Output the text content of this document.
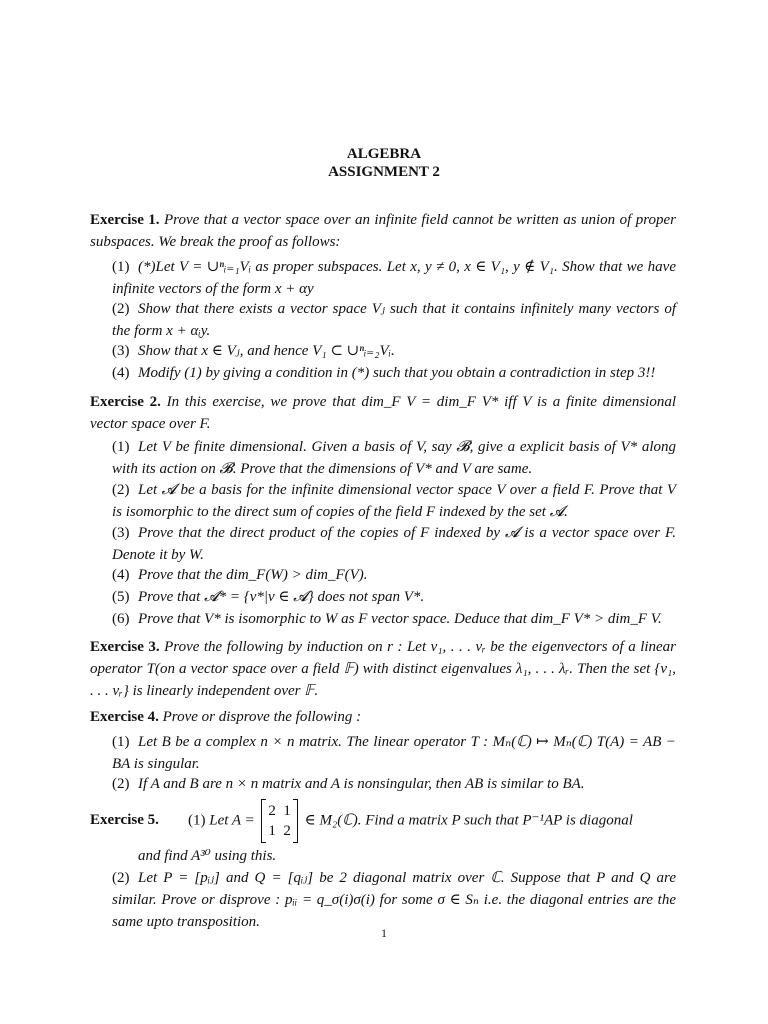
ALGEBRA
ASSIGNMENT 2
Exercise 1. Prove that a vector space over an infinite field cannot be written as union of proper subspaces. We break the proof as follows:
(1) (*)Let V = ∪ⁿᵢ₌₁Vᵢ as proper subspaces. Let x, y ≠ 0, x ∈ V₁, y ∉ V₁. Show that we have infinite vectors of the form x + αy
(2) Show that there exists a vector space Vⱼ such that it contains infinitely many vectors of the form x + αᵢy.
(3) Show that x ∈ Vⱼ, and hence V₁ ⊂ ∪ⁿᵢ₌₂Vᵢ.
(4) Modify (1) by giving a condition in (*) such that you obtain a contradiction in step 3!!
Exercise 2. In this exercise, we prove that dim_F V = dim_F V* iff V is a finite dimensional vector space over F.
(1) Let V be finite dimensional. Given a basis of V, say 𝓑, give a explicit basis of V* along with its action on 𝓑. Prove that the dimensions of V* and V are same.
(2) Let 𝓐 be a basis for the infinite dimensional vector space V over a field F. Prove that V is isomorphic to the direct sum of copies of the field F indexed by the set 𝓐.
(3) Prove that the direct product of the copies of F indexed by 𝓐 is a vector space over F. Denote it by W.
(4) Prove that the dim_F(W) > dim_F(V).
(5) Prove that 𝓐* = {v*|v ∈ 𝓐} does not span V*.
(6) Prove that V* is isomorphic to W as F vector space. Deduce that dim_F V* > dim_F V.
Exercise 3. Prove the following by induction on r : Let v₁, . . . vᵣ be the eigenvectors of a linear operator T(on a vector space over a field 𝔽) with distinct eigenvalues λ₁, . . . λᵣ. Then the set {v₁, . . . vᵣ} is linearly independent over 𝔽.
Exercise 4. Prove or disprove the following :
(1) Let B be a complex n × n matrix. The linear operator T : Mₙ(ℂ) ↦ Mₙ(ℂ) T(A) = AB − BA is singular.
(2) If A and B are n × n matrix and A is nonsingular, then AB is similar to BA.
Exercise 5. (1) Let A = 2 1
1 2 ∈ M₂(ℂ). Find a matrix P such that P⁻¹AP is diagonal
and find A³⁰ using this.
(2) Let P = [pᵢⱼ] and Q = [qᵢⱼ] be 2 diagonal matrix over ℂ. Suppose that P and Q are similar. Prove or disprove : pᵢᵢ = q_σ(i)σ(i) for some σ ∈ Sₙ i.e. the diagonal entries are the same upto transposition.
1
